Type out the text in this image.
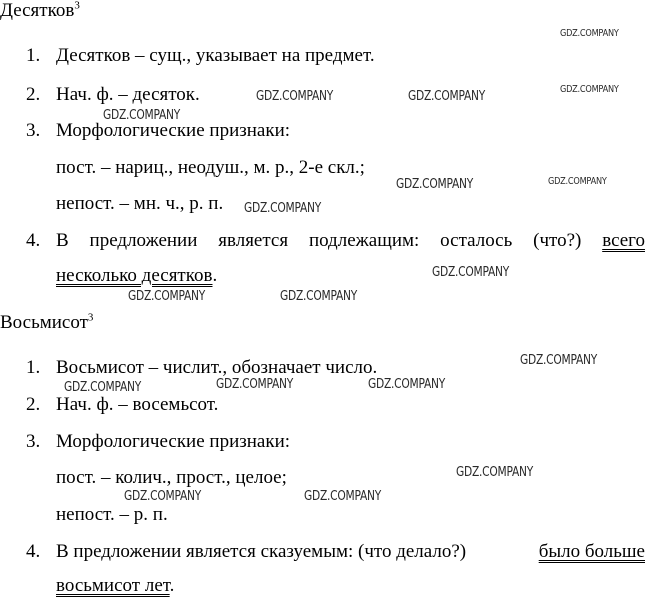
Десятков$^3$
1. Десятков – сущ., указывает на предмет.
2. Нач. ф. – десяток.
3. Морфологические признаки:
пост. – нариц., неодуш., м. р., 2-е скл.;
непост. – мн. ч., р. п.
4. В предложении является подлежащим: осталось (что?) всего
несколько десятков.
Восьмисот$^3$
1. Восьмисот – числит., обозначает число.
2. Нач. ф. – восемьсот.
3. Морфологические признаки:
пост. – колич., прост., целое;
непост. – р. п.
4. В предложении является сказуемым: (что делало?)	было больше
восьмисот лет.
GDZ.COMPANY
GDZ.COMPANY	GDZ.COMPANY	GDZ.COMPANY
GDZ.COMPANY
GDZ.COMPANY	GDZ.COMPANY
GDZ.COMPANY
GDZ.COMPANY
GDZ.COMPANY	GDZ.COMPANY
GDZ.COMPANY
GDZ.COMPANY	GDZ.COMPANY	GDZ.COMPANY
GDZ.COMPANY
GDZ.COMPANY	GDZ.COMPANY
